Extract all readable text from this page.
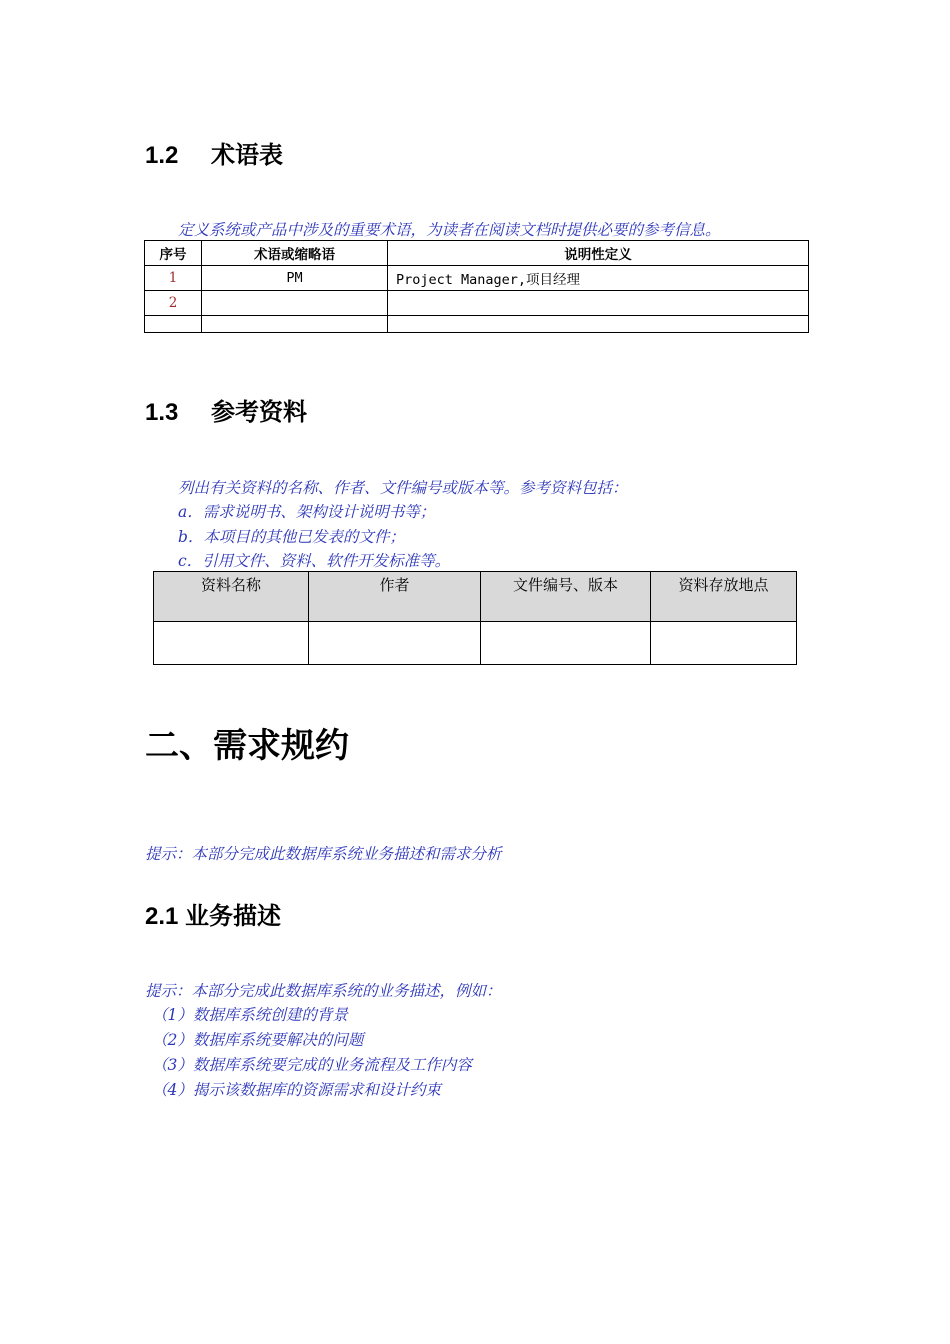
1.2 术语表
定义系统或产品中涉及的重要术语，为读者在阅读文档时提供必要的参考信息。
序号	术语或缩略语	说明性定义
1	PM	Project Manager,项目经理
2		

1.3 参考资料
列出有关资料的名称、作者、文件编号或版本等。参考资料包括：
a．需求说明书、架构设计说明书等；
b．本项目的其他已发表的文件；
c．引用文件、资料、软件开发标准等。
资料名称	作者	文件编号、版本	资料存放地点

二、需求规约
提示：本部分完成此数据库系统业务描述和需求分析
2.1 业务描述
提示：本部分完成此数据库系统的业务描述，例如：
（1）数据库系统创建的背景
（2）数据库系统要解决的问题
（3）数据库系统要完成的业务流程及工作内容
（4）揭示该数据库的资源需求和设计约束
